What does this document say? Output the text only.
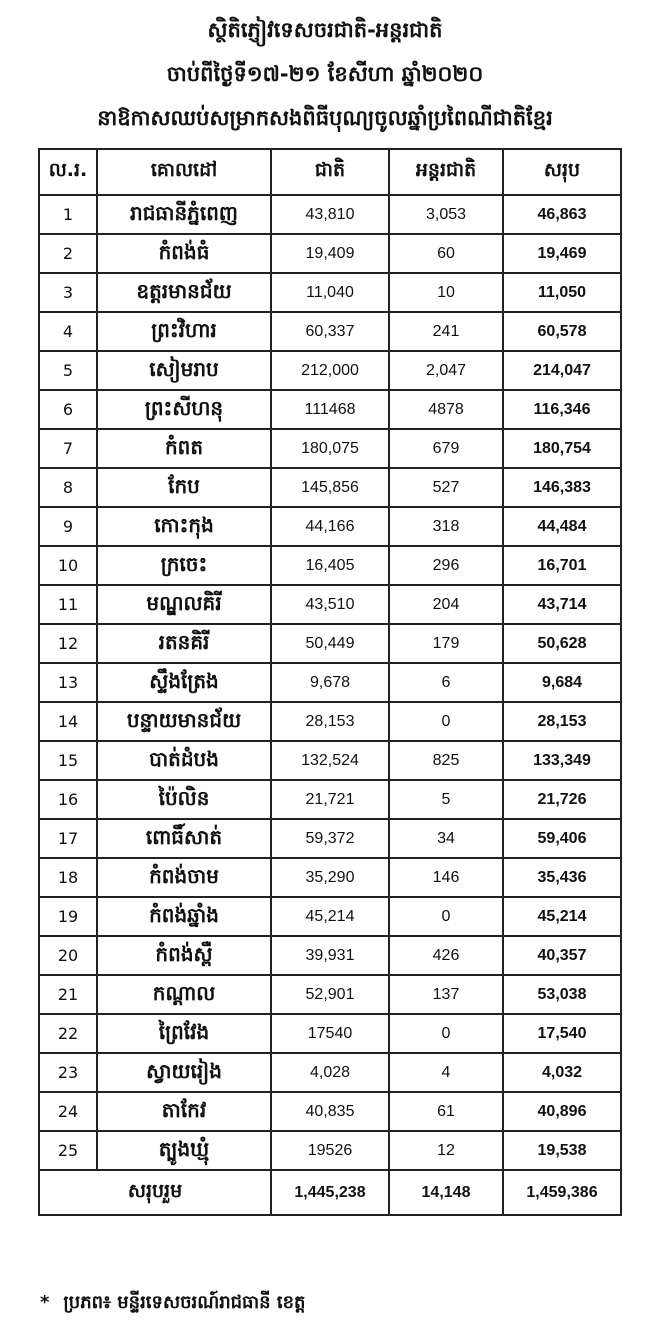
ស្ថិតិភ្ញៀវទេសចរជាតិ-អន្តរជាតិ
ចាប់ពីថ្ងៃទី១៧-២១ ខែសីហា ឆ្នាំ២០២០
នាឱកាសឈប់សម្រាកសងពិធីបុណ្យចូលឆ្នាំប្រពៃណីជាតិខ្មែរ
ល.រ.	គោលដៅ	ជាតិ	អន្តរជាតិ	សរុប
1	រាជធានីភ្នំពេញ	43,810	3,053	46,863
2	កំពង់ធំ	19,409	60	19,469
3	ឧត្តរមានជ័យ	11,040	10	11,050
4	ព្រះវិហារ	60,337	241	60,578
5	សៀមរាប	212,000	2,047	214,047
6	ព្រះសីហនុ	111468	4878	116,346
7	កំពត	180,075	679	180,754
8	កែប	145,856	527	146,383
9	កោះកុង	44,166	318	44,484
10	ក្រចេះ	16,405	296	16,701
11	មណ្ឌលគិរី	43,510	204	43,714
12	រតនគិរី	50,449	179	50,628
13	ស្ទឹងត្រែង	9,678	6	9,684
14	បន្ទាយមានជ័យ	28,153	0	28,153
15	បាត់ដំបង	132,524	825	133,349
16	ប៉ៃលិន	21,721	5	21,726
17	ពោធិ៍សាត់	59,372	34	59,406
18	កំពង់ចាម	35,290	146	35,436
19	កំពង់ឆ្នាំង	45,214	0	45,214
20	កំពង់ស្ពឺ	39,931	426	40,357
21	កណ្ដាល	52,901	137	53,038
22	ព្រៃវែង	17540	0	17,540
23	ស្វាយរៀង	4,028	4	4,032
24	តាកែវ	40,835	61	40,896
25	ត្បូងឃ្មុំ	19526	12	19,538
សរុបរួម		1,445,238	14,148	1,459,386
* ប្រភព៖ មន្ទីរទេសចរណ៍រាជធានី ខេត្ត
